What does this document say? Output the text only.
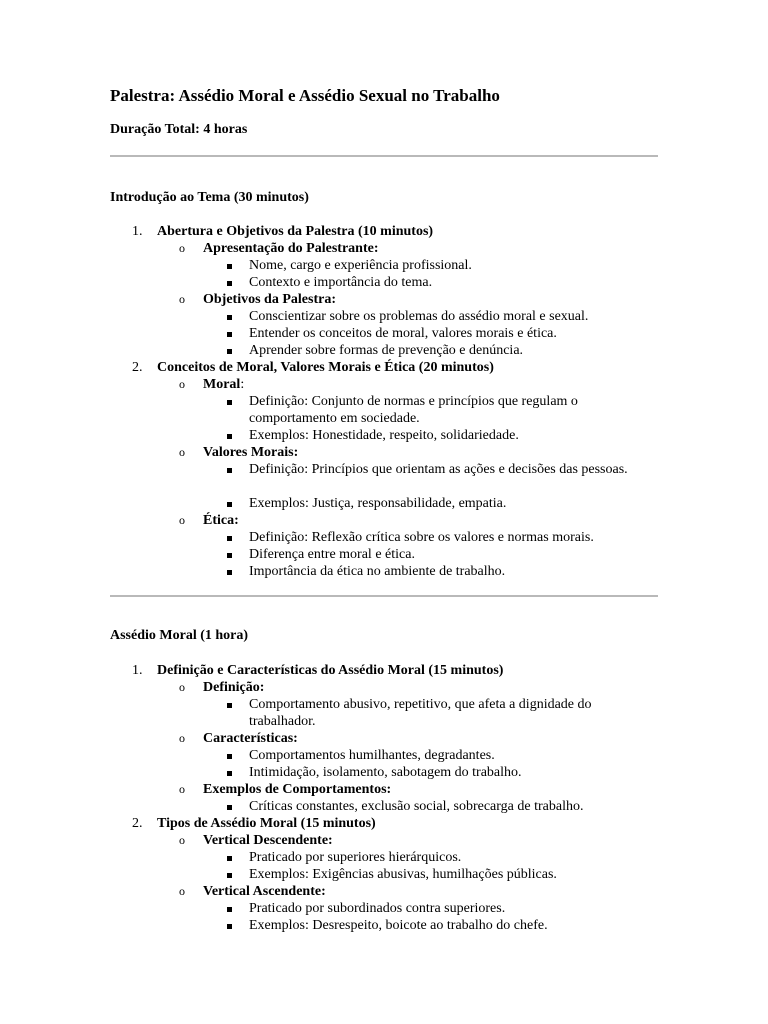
Palestra: Assédio Moral e Assédio Sexual no Trabalho
Duração Total: 4 horas
Introdução ao Tema (30 minutos)
1. Abertura e Objetivos da Palestra (10 minutos)
o Apresentação do Palestrante:
Nome, cargo e experiência profissional.
Contexto e importância do tema.
o Objetivos da Palestra:
Conscientizar sobre os problemas do assédio moral e sexual.
Entender os conceitos de moral, valores morais e ética.
Aprender sobre formas de prevenção e denúncia.
2. Conceitos de Moral, Valores Morais e Ética (20 minutos)
o Moral:
Definição: Conjunto de normas e princípios que regulam o comportamento em sociedade.
Exemplos: Honestidade, respeito, solidariedade.
o Valores Morais:
Definição: Princípios que orientam as ações e decisões das pessoas.
Exemplos: Justiça, responsabilidade, empatia.
o Ética:
Definição: Reflexão crítica sobre os valores e normas morais.
Diferença entre moral e ética.
Importância da ética no ambiente de trabalho.
Assédio Moral (1 hora)
1. Definição e Características do Assédio Moral (15 minutos)
o Definição:
Comportamento abusivo, repetitivo, que afeta a dignidade do trabalhador.
o Características:
Comportamentos humilhantes, degradantes.
Intimidação, isolamento, sabotagem do trabalho.
o Exemplos de Comportamentos:
Críticas constantes, exclusão social, sobrecarga de trabalho.
2. Tipos de Assédio Moral (15 minutos)
o Vertical Descendente:
Praticado por superiores hierárquicos.
Exemplos: Exigências abusivas, humilhações públicas.
o Vertical Ascendente:
Praticado por subordinados contra superiores.
Exemplos: Desrespeito, boicote ao trabalho do chefe.
